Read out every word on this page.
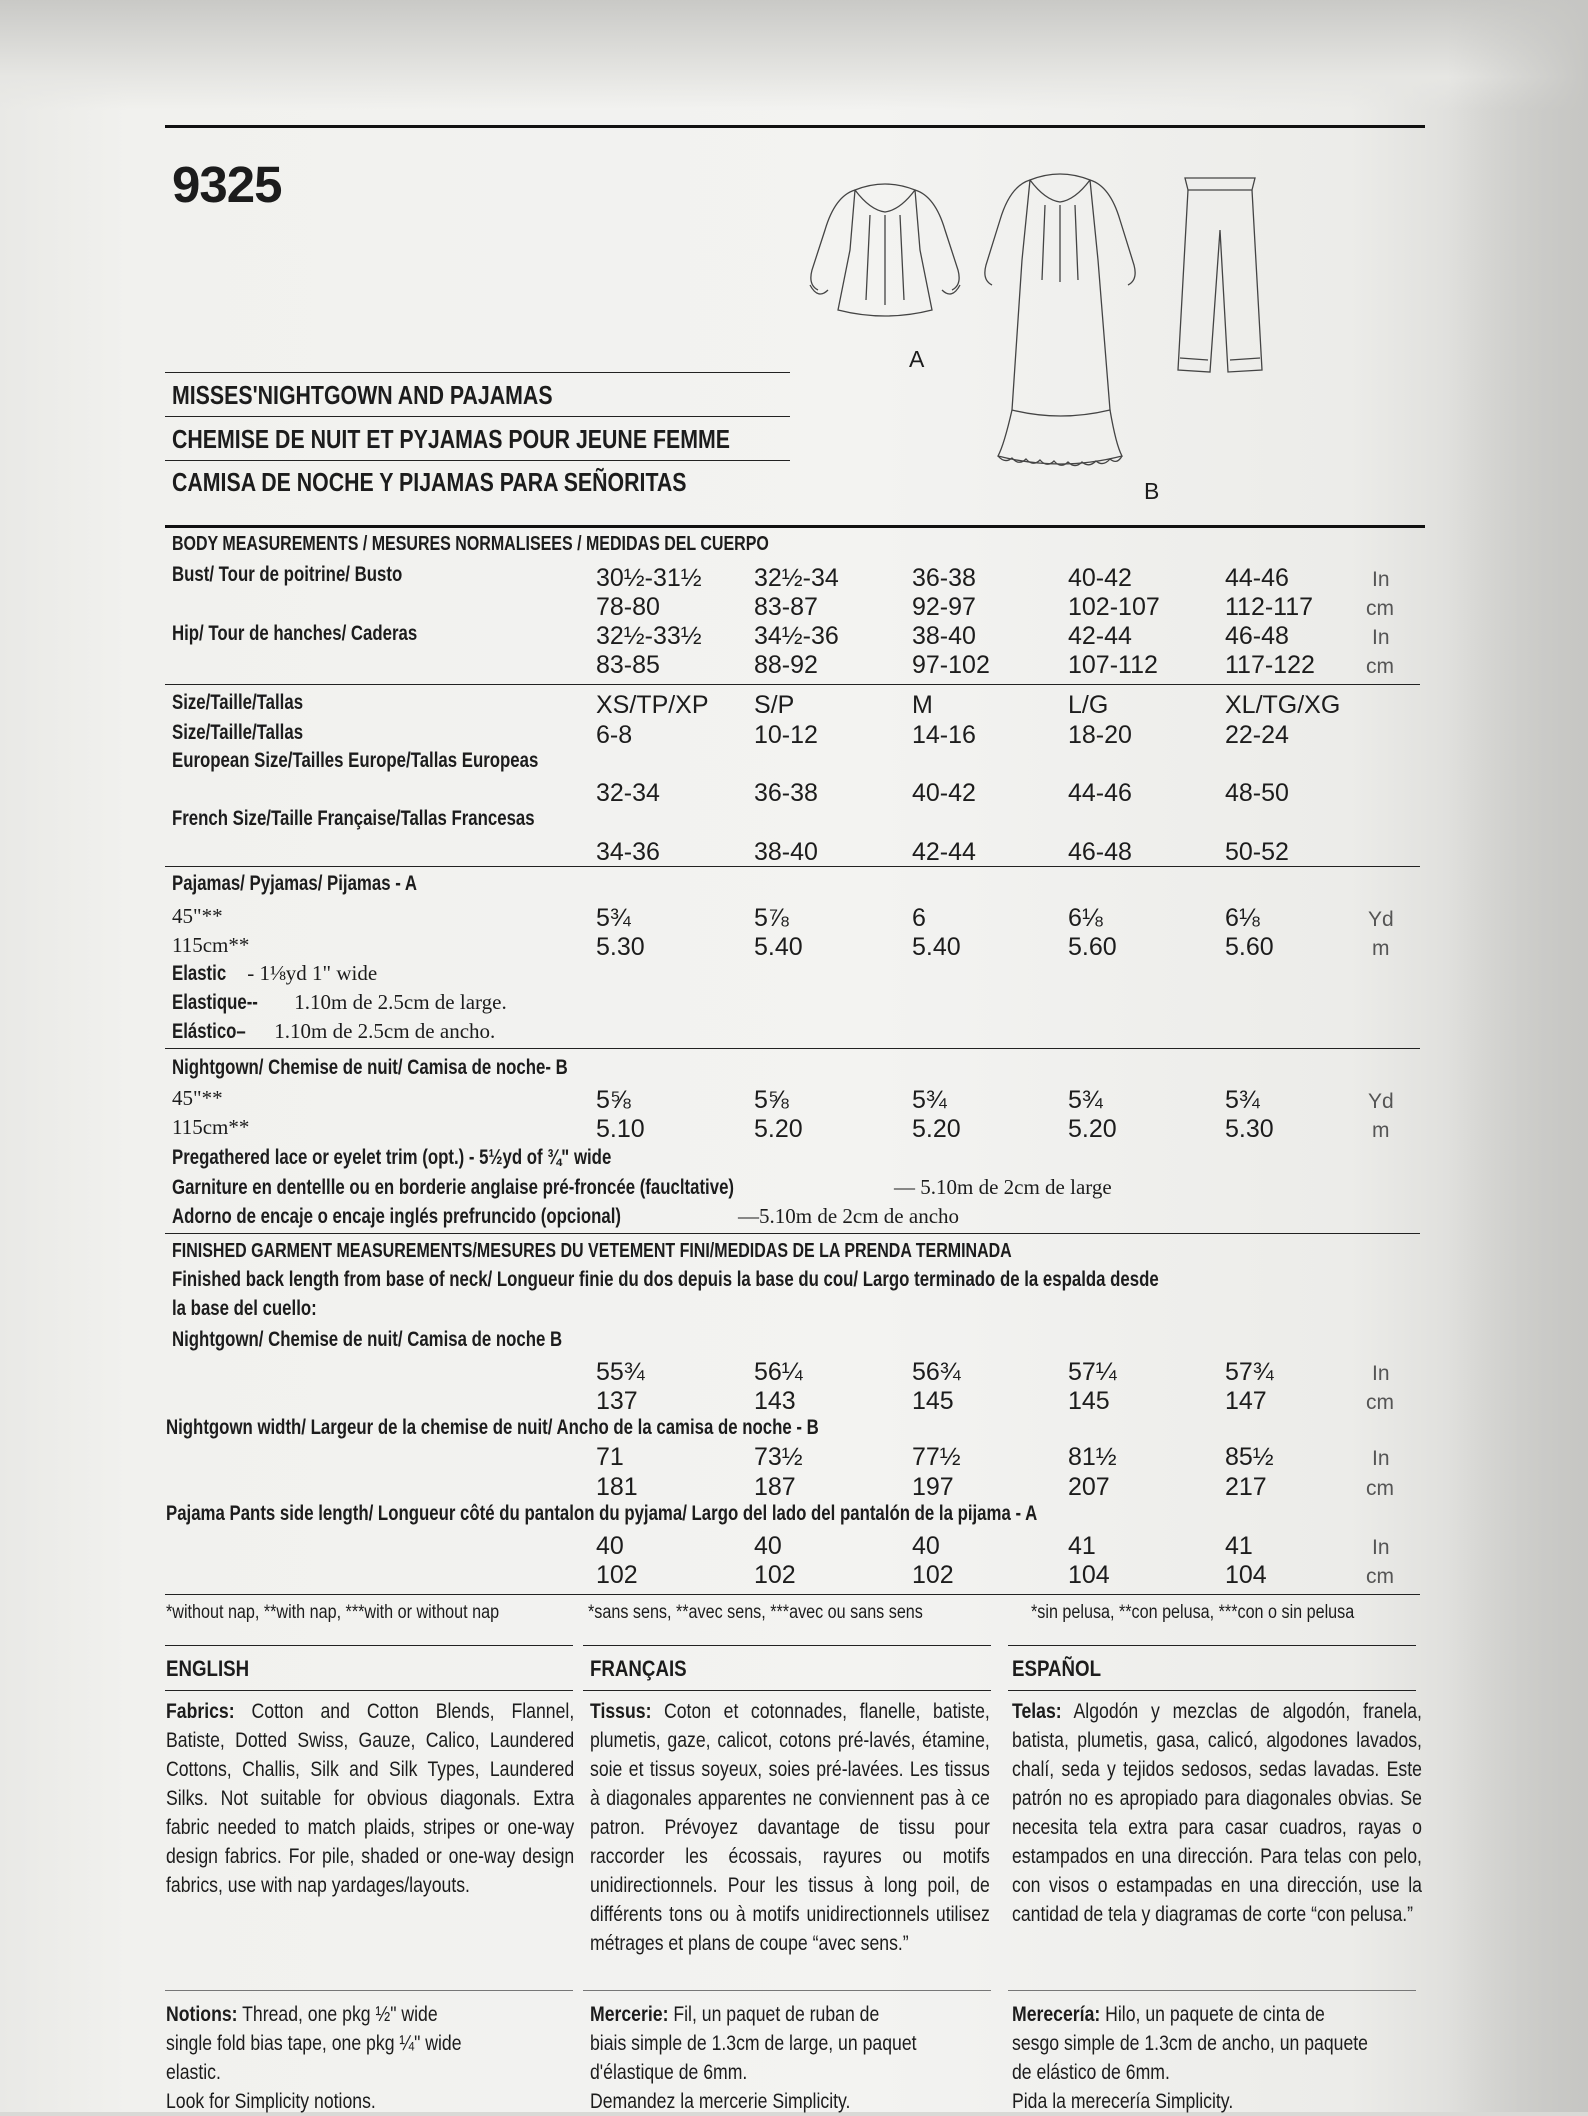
9325
A
B
MISSES'NIGHTGOWN AND PAJAMAS
CHEMISE DE NUIT ET PYJAMAS POUR JEUNE FEMME
CAMISA DE NOCHE Y PIJAMAS PARA SEÑORITAS
BODY MEASUREMENTS / MESURES NORMALISEES / MEDIDAS DEL CUERPO
Bust/ Tour de poitrine/ Busto	30½-31½ 32½-34	36-38	40-42	44-46	In
78-80	83-87	92-97	102-107	112-117	cm
Hip/ Tour de hanches/ Caderas	32½-33½ 34½-36	38-40	42-44	46-48	In
83-85	88-92	97-102	107-112	117-122 cm
Size/Taille/Tallas	XS/TP/XP S/P	M	L/G	XL/TG/XG
Size/Taille/Tallas	6-8	10-12	14-16	18-20	22-24
European Size/Tailles Europe/Tallas Europeas
32-34	36-38	40-42	44-46	48-50
French Size/Taille Française/Tallas Francesas
34-36	38-40	42-44	46-48	50-52
Pajamas/ Pyjamas/ Pijamas - A
45"**	5¾	5⅞	6	6⅛	6⅛	Yd
115cm**	5.30	5.40	5.40	5.60	5.60	m
Elastic - 1⅛yd 1" wide
Elastique-- 1.10m de 2.5cm de large.
Elástico– 1.10m de 2.5cm de ancho.
Nightgown/ Chemise de nuit/ Camisa de noche- B
45"**	5⅝	5⅝	5¾	5¾	5¾	Yd
115cm**	5.10	5.20	5.20	5.20	5.30	m
Pregathered lace or eyelet trim (opt.) - 5½yd of ¾" wide
Garniture en dentellle ou en borderie anglaise pré-froncée (fauc​ltative)	— 5.10m de 2cm de large
Adorno de encaje o encaje inglés prefruncido (opcional)	—5.10m de 2cm de ancho
FINISHED GARMENT MEASUREMENTS/MESURES DU VETEMENT FINI/MEDIDAS DE LA PRENDA TERMINADA
Finished back length from base of neck/ Longueur finie du dos depuis la base du cou/ Largo terminado de la espalda desde
la base del cuello:
Nightgown/ Chemise de nuit/ Camisa de noche B
55¾	56¼	56¾	57¼	57¾	In
137	143	145	145	147	cm
Nightgown width/ Largeur de la chemise de nuit/ Ancho de la camisa de noche - B
71	73½	77½	81½	85½	In
181	187	197	207	217	cm
Pajama Pants side length/ Longueur côté du pantalon du pyjama/ Largo del lado del pantalón de la pijama - A
40	40	40	41	41	In
102	102	102	104	104	cm
*without nap, **with nap, ***with or without nap	*sans sens, **avec sens, ***avec ou sans sens	*sin pelusa, **con pelusa, ***con o sin pelusa
ENGLISH	FRANÇAIS	ESPAÑOL
Fabrics: Cotton and Cotton Blends, Flannel, Batiste, Dotted Swiss, Gauze, Calico, Laundered Cottons, Challis, Silk and Silk Types, Laundered Silks. Not suitable for obvious diagonals. Extra fabric needed to match plaids, stripes or one-way design fabrics. For pile, shaded or one-way design fabrics, use with nap yardages/layouts.
Tissus: Coton et cotonnades, flanelle, batiste, plumetis, gaze, calicot, cotons pré-lavés, étamine, soie et tissus soyeux, soies pré-lavées. Les tissus à diagonales apparentes ne conviennent pas à ce patron. Prévoyez davantage de tissu pour raccorder les écossais, rayures ou motifs unidirectionnels. Pour les tissus à long poil, de différents tons ou à motifs unidirectionnels utilisez métrages et plans de coupe “avec sens.”
Telas: Algodón y mezclas de algodón, franela, batista, plumetis, gasa, calicó, algodones lavados, chalí, seda y tejidos sedosos, sedas lavadas. Este patrón no es apropiado para diagonales obvias. Se necesita tela extra para casar cuadros, rayas o estampados en una dirección. Para telas con pelo, con visos o estampadas en una dirección, use la cantidad de tela y diagramas de corte “con pelusa.”
Notions: Thread, one pkg ½" wide single fold bias tape, one pkg ¼" wide elastic.
Look for Simplicity notions.
Mercerie: Fil, un paquet de ruban de biais simple de 1.3cm de large, un paquet d'élastique de 6mm.
Demandez la mercerie Simplicity.
Merecería: Hilo, un paquete de cinta de sesgo simple de 1.3cm de ancho, un paquete de elástico de 6mm.
Pida la merecería Simplicity.
